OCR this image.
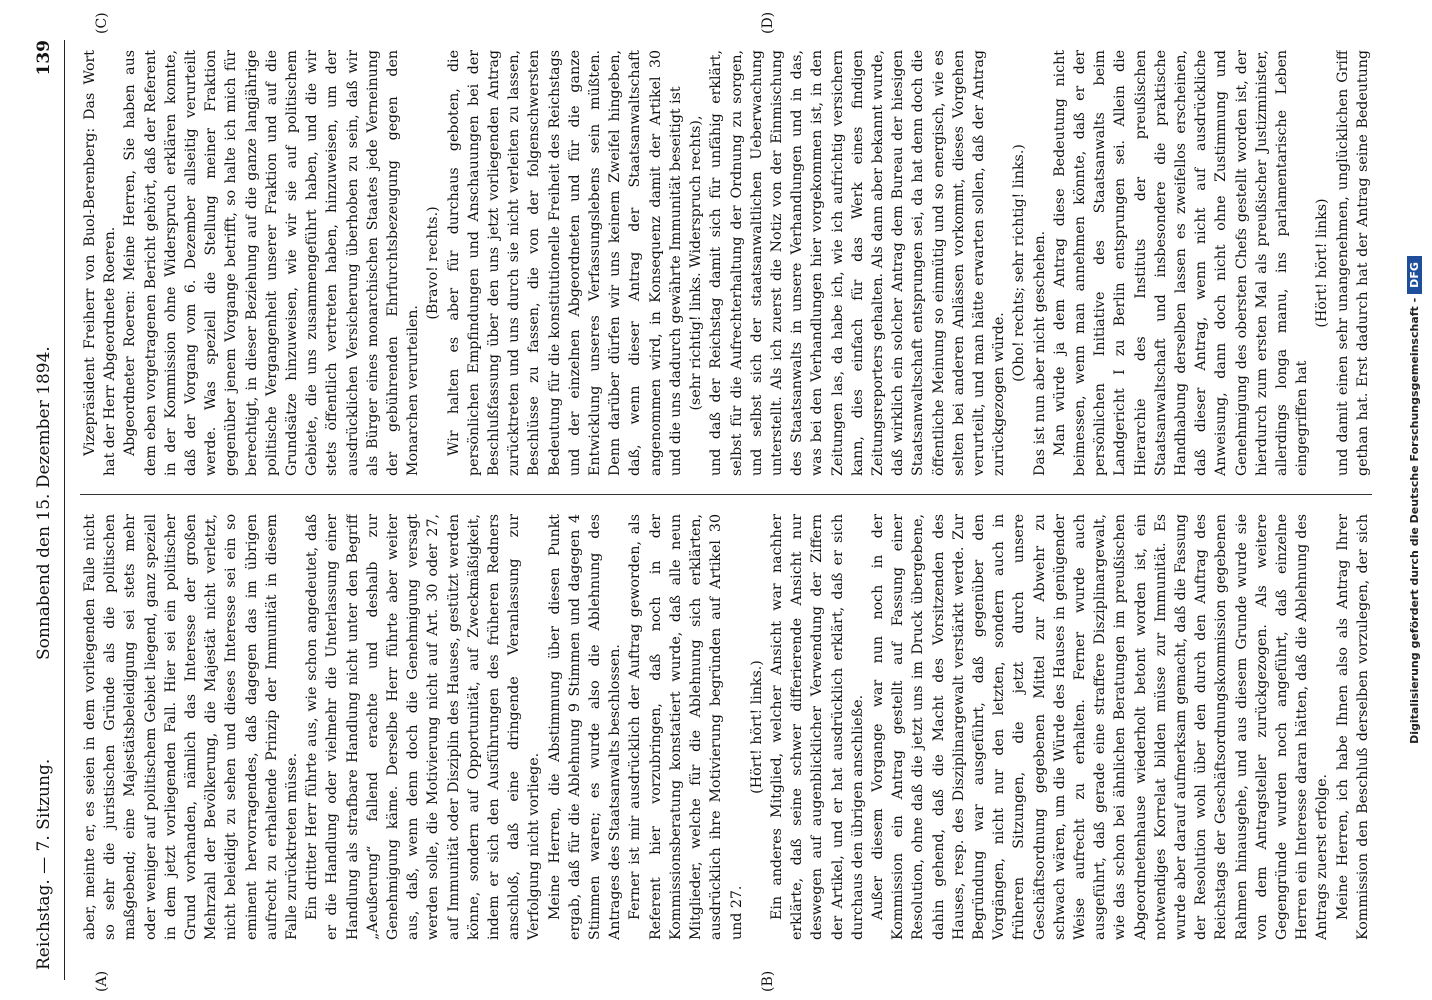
Reichstag. — 7. Sitzung.
Sonnabend den 15. Dezember 1894.
139
(A)	(B)
(C)	(D)

aber, meinte er, es seien in dem vorliegenden Falle nicht so sehr die juristischen Gründe als die politischen maßgebend; eine Majestätsbeleidigung sei stets mehr oder weniger auf politischem Gebiet liegend, ganz speziell in dem jetzt vorliegenden Fall. Hier sei ein politischer Grund vorhanden, nämlich das Interesse der großen Mehrzahl der Bevölkerung, die Majestät nicht verletzt, nicht beleidigt zu sehen und dieses Interesse sei ein so eminent hervorragendes, daß dagegen das im übrigen aufrecht zu erhaltende Prinzip der Immunität in diesem Falle zurücktreten müsse. Ein dritter Herr führte aus, wie schon angedeutet, daß er die Handlung oder vielmehr die Unterlassung einer Handlung als strafbare Handlung nicht unter den Begriff „Aeußerung“ fallend erachte und deshalb zur Genehmigung käme. Derselbe Herr führte aber weiter aus, daß, wenn denn doch die Genehmigung versagt werden solle, die Motivierung nicht auf Art. 30 oder 27, auf Immunität oder Disziplin des Hauses, gestützt werden könne, sondern auf Opportunität, auf Zweckmäßigkeit, indem er sich den Ausführungen des früheren Redners anschloß, daß eine dringende Veranlassung zur Verfolgung nicht vorliege. Meine Herren, die Abstimmung über diesen Punkt ergab, daß für die Ablehnung 9 Stimmen und dagegen 4 Stimmen waren; es wurde also die Ablehnung des Antrages des Staatsanwalts beschlossen. Ferner ist mir ausdrücklich der Auftrag geworden, als Referent hier vorzubringen, daß noch in der Kommissionsberatung konstatiert wurde, daß alle neun Mitglieder, welche für die Ablehnung sich erklärten, ausdrücklich ihre Motivierung begründen auf Artikel 30 und 27.

(Hört! hört! links.) Ein anderes Mitglied, welcher Ansicht war nachher erklärte, daß seine schwer differierende Ansicht nur deswegen auf augenblicklicher Verwendung der Ziffern der Artikel, und er hat ausdrücklich erklärt, daß er sich durchaus den übrigen anschließe. Außer diesem Vorgange war nun noch in der Kommission ein Antrag gestellt auf Fassung einer Resolution, ohne daß die jetzt uns im Druck übergebene, dahin gehend, daß die Macht des Vorsitzenden des Hauses, resp. des Disziplinargewalt verstärkt werde. Zur Begründung war ausgeführt, daß gegenüber den Vorgängen, nicht nur den letzten, sondern auch in früheren Sitzungen, die jetzt durch unsere Geschäftsordnung gegebenen Mittel zur Abwehr zu schwach wären, um die Würde des Hauses in genügender Weise aufrecht zu erhalten. Ferner wurde auch ausgeführt, daß gerade eine straffere Disziplinargewalt, wie das schon bei ähnlichen Beratungen im preußischen Abgeordnetenhause wiederholt betont worden ist, ein notwendiges Korrelat bilden müsse zur Immunität. Es wurde aber darauf aufmerksam gemacht, daß die Fassung der Resolution wohl über den durch den Auftrag des Reichstags der Geschäftsordnungskommission gegebenen Rahmen hinausgehe, und aus diesem Grunde wurde sie von dem Antragsteller zurückgezogen. Als weitere Gegengründe wurden noch angeführt, daß einzelne Herren ein Interesse daran hätten, daß die Ablehnung des Antrags zuerst erfolge. Meine Herren, ich habe Ihnen also als Antrag Ihrer Kommission den Beschluß derselben vorzulegen, der sich

Vizepräsident Freiherr von Buol-Berenberg: Das Wort hat der Herr Abgeordnete Roeren. Abgeordneter Roeren: Meine Herren, Sie haben aus dem eben vorgetragenen Bericht gehört, daß der Referent in der Kommission ohne Widerspruch erklären konnte, daß der Vorgang vom 6. Dezember allseitig verurteilt werde. Was speziell die Stellung meiner Fraktion gegenüber jenem Vorgange betrifft, so halte ich mich für berechtigt, in dieser Beziehung auf die ganze langjährige politische Vergangenheit unserer Fraktion und auf die Grundsätze hinzuweisen, wie wir sie auf politischem Gebiete, die uns zusammengeführt haben, und die wir stets öffentlich vertreten haben, hinzuweisen, um der ausdrücklichen Versicherung überhoben zu sein, daß wir als Bürger eines monarchischen Staates jede Verneinung der gebührenden Ehrfurchtsbezeugung gegen den Monarchen verurteilen.

(Bravo! rechts.) Wir halten es aber für durchaus geboten, die persönlichen Empfindungen und Anschauungen bei der Beschlußfassung über den uns jetzt vorliegenden Antrag zurücktreten und uns durch sie nicht verleiten zu lassen, Beschlüsse zu fassen, die von der folgenschwersten Bedeutung für die konstitutionelle Freiheit des Reichstags und der einzelnen Abgeordneten und für die ganze Entwicklung unseres Verfassungslebens sein müßten. Denn darüber dürfen wir uns keinem Zweifel hingeben, daß, wenn dieser Antrag der Staatsanwaltschaft angenommen wird, in Konsequenz damit der Artikel 30 und die uns dadurch gewährte Immunität beseitigt ist (sehr richtig! links. Widerspruch rechts), und daß der Reichstag damit sich für unfähig erklärt, selbst für die Aufrechterhaltung der Ordnung zu sorgen, und selbst sich der staatsanwaltlichen Ueberwachung unterstellt. Als ich zuerst die Notiz von der Einmischung des Staatsanwalts in unsere Verhandlungen und in das, was bei den Verhandlungen hier vorgekommen ist, in den Zeitungen las, da habe ich, wie ich aufrichtig versichern kann, dies einfach für das Werk eines findigen Zeitungsreporters gehalten. Als dann aber bekannt wurde, daß wirklich ein solcher Antrag dem Bureau der hiesigen Staatsanwaltschaft entsprungen sei, da hat denn doch die öffentliche Meinung so einmütig und so energisch, wie es selten bei anderen Anlässen vorkommt, dieses Vorgehen verurteilt, und man hätte erwarten sollen, daß der Antrag zurückgezogen würde.

(Oho! rechts; sehr richtig! links.) Das ist nun aber nicht geschehen. Man würde ja dem Antrag diese Bedeutung nicht beimessen, wenn man annehmen könnte, daß er der persönlichen Initiative des Staatsanwalts beim Landgericht I zu Berlin entsprungen sei. Allein die Hierarchie des Instituts der preußischen Staatsanwaltschaft und insbesondere die praktische Handhabung derselben lassen es zweifellos erscheinen, daß dieser Antrag, wenn nicht auf ausdrückliche Anweisung, dann doch nicht ohne Zustimmung und Genehmigung des obersten Chefs gestellt worden ist, der hierdurch zum ersten Mal als preußischer Justizminister, allerdings longa manu, ins parlamentarische Leben eingegriffen hat

(Hört! hört! links)

und damit einen sehr unangenehmen, unglücklichen Griff gethan hat. Erst dadurch hat der Antrag seine Bedeutung

Digitalisierung gefördert durch die Deutsche Forschungsgemeinschaft -DFG
